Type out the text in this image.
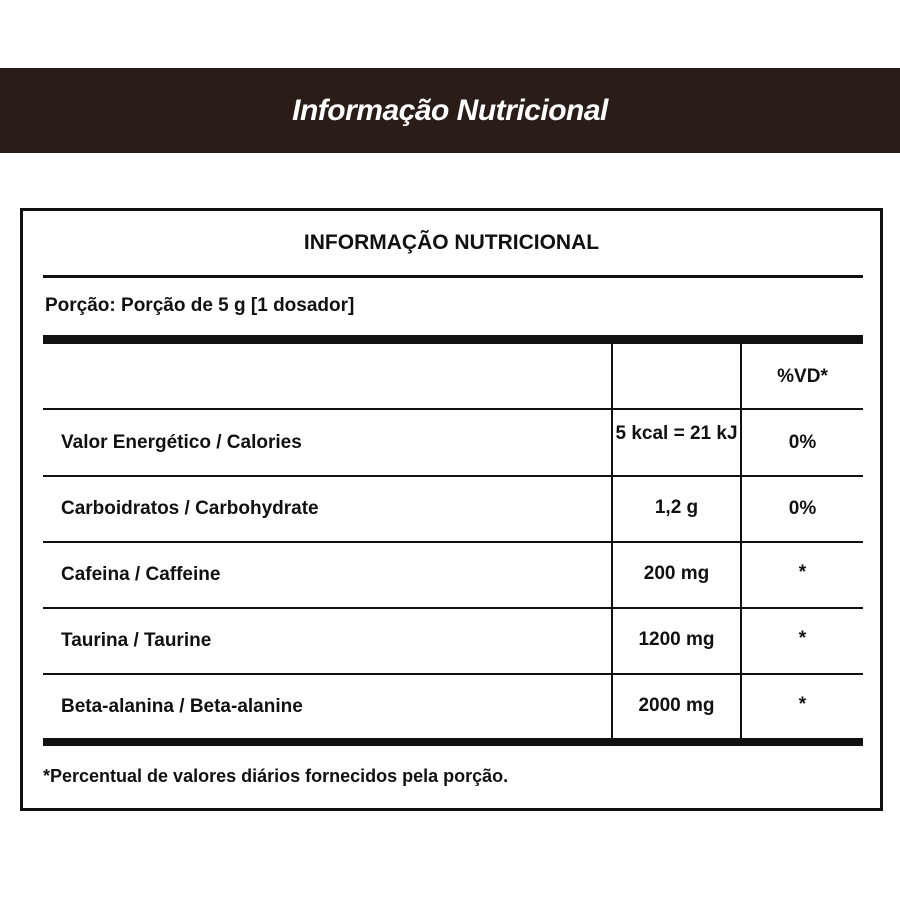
Informação Nutricional
INFORMAÇÃO NUTRICIONAL
Porção: Porção de 5 g [1 dosador]
%VD*
Valor Energético / Calories	5 kcal = 21 kJ	0%
Carboidratos / Carbohydrate	1,2 g	0%
Cafeina / Caffeine	200 mg	*
Taurina / Taurine	1200 mg	*
Beta-alanina / Beta-alanine	2000 mg	*
*Percentual de valores diários fornecidos pela porção.
